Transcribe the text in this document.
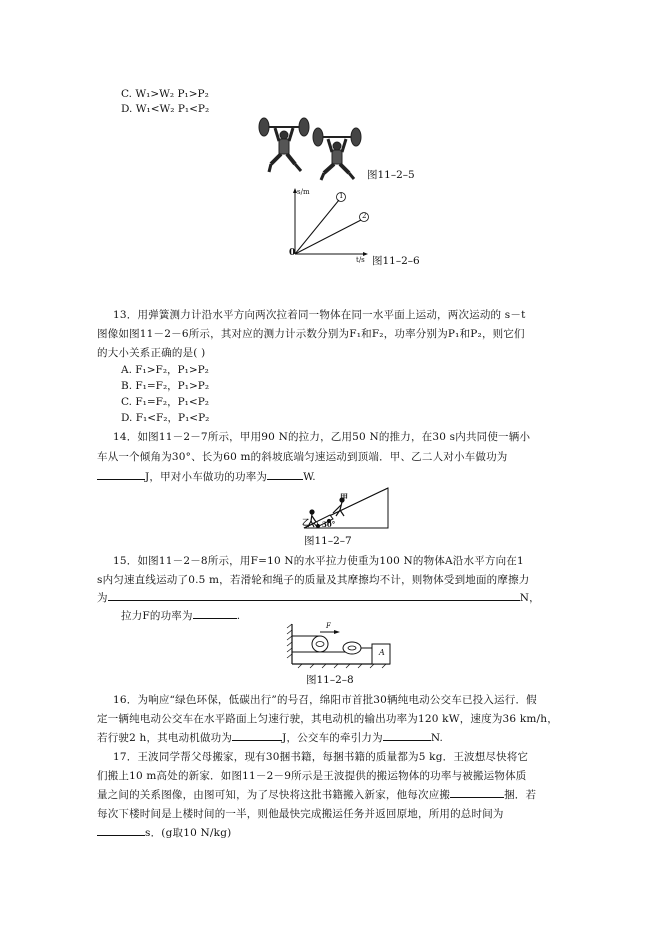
C. W₁>W₂ P₁>P₂
D. W₁<W₂ P₁<P₂
图11–2–5
s/m
0
1
2
t/s 图11–2–6
13．用弹簧测力计沿水平方向两次拉着同一物体在同一水平面上运动，两次运动的 s－t
图像如图11－2－6所示，其对应的测力计示数分别为F₁和F₂，功率分别为P₁和P₂，则它们
的大小关系正确的是( )
A. F₁>F₂，P₁>P₂
B. F₁=F₂，P₁>P₂
C. F₁=F₂，P₁<P₂
D. F₁<F₂，P₁<P₂
14．如图11－2－7所示，甲用90 N的拉力，乙用50 N的推力，在30 s内共同使一辆小
车从一个倾角为30°、长为60 m的斜坡底端匀速运动到顶端．甲、乙二人对小车做功为
J，甲对小车做功的功率为	W.
甲
乙 30°
图11–2–7
15．如图11－2－8所示，用F=10 N的水平拉力使重为100 N的物体A沿水平方向在1
s内匀速直线运动了0.5 m，若滑轮和绳子的质量及其摩擦均不计，则物体受到地面的摩擦力
为	N，
拉力F的功率为	.
F
A
图11–2–8
16．为响应“绿色环保，低碳出行”的号召，绵阳市首批30辆纯电动公交车已投入运行．假
定一辆纯电动公交车在水平路面上匀速行驶，其电动机的输出功率为120 kW，速度为36 km/h，
若行驶2 h，其电动机做功为	J，公交车的牵引力为	N.
17．王波同学帮父母搬家，现有30捆书籍，每捆书籍的质量都为5 kg．王波想尽快将它
们搬上10 m高处的新家．如图11－2－9所示是王波提供的搬运物体的功率与被搬运物体质
量之间的关系图像，由图可知，为了尽快将这批书籍搬入新家，他每次应搬	捆．若
每次下楼时间是上楼时间的一半，则他最快完成搬运任务并返回原地，所用的总时间为
s．(g取10 N/kg)
